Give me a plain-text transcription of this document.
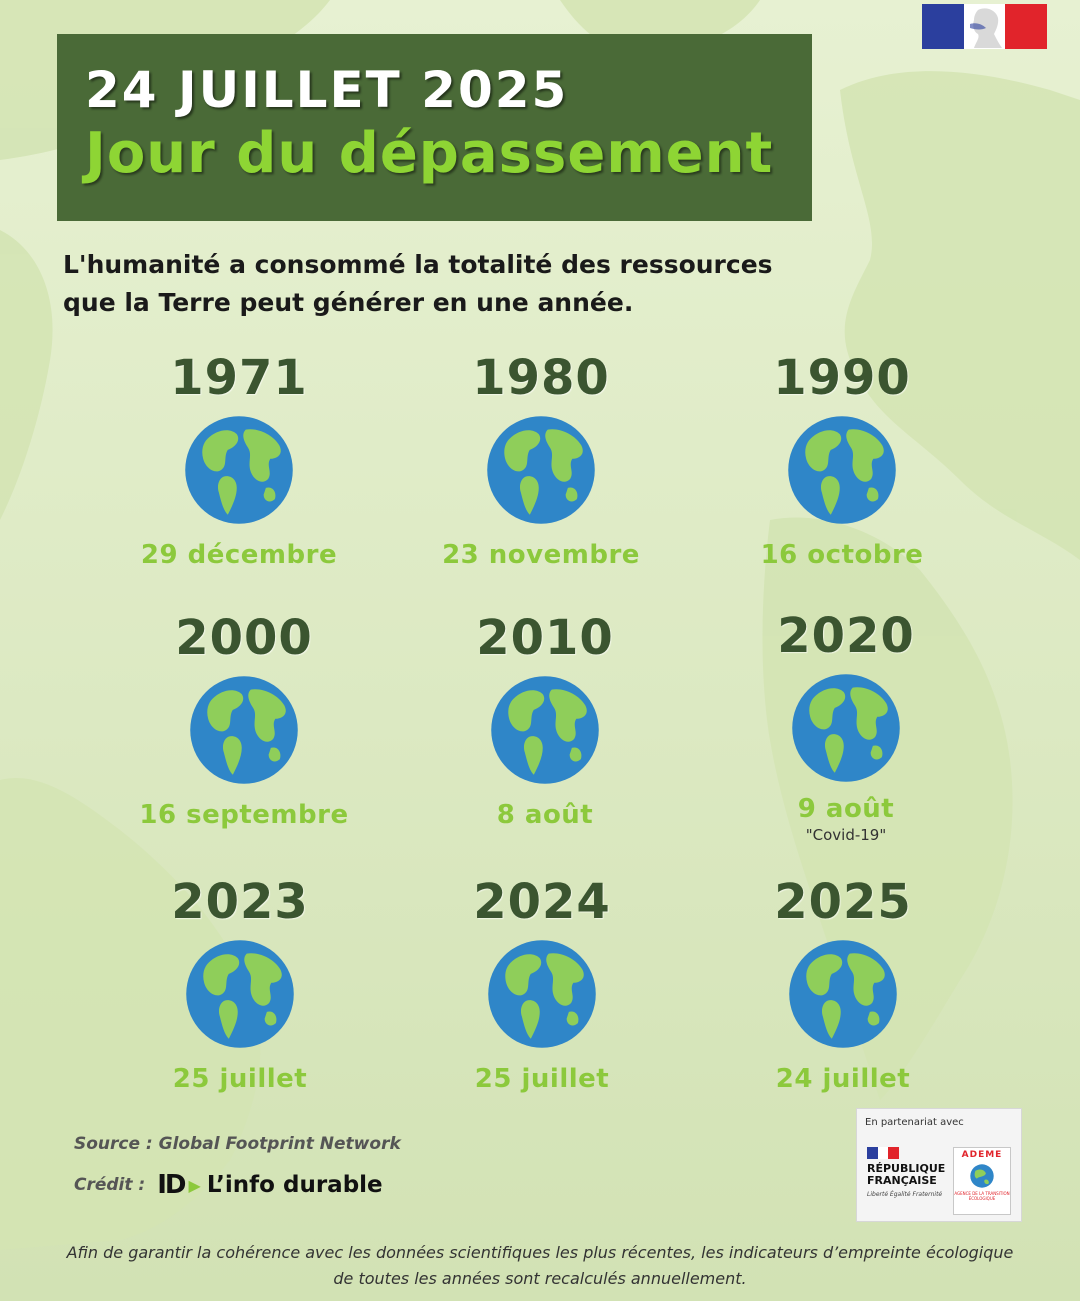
24 JUILLET 2025
Jour du dépassement
L'humanité a consommé la totalité des ressources
que la Terre peut générer en une année.
1971
29 décembre
1980
23 novembre
1990
16 octobre
2000
16 septembre
2010
8 août
2020
9 août
"Covid-19"
2023
25 juillet
2024
25 juillet
2025
24 juillet
Source : Global Footprint Network
Crédit : ID ▶ L’info durable
En partenariat avec
RÉPUBLIQUE
FRANÇAISE
Liberté Égalité Fraternité
ADEME
AGENCE DE LA TRANSITION ÉCOLOGIQUE
Afin de garantir la cohérence avec les données scientifiques les plus récentes, les indicateurs d’empreinte écologique
de toutes les années sont recalculés annuellement.
